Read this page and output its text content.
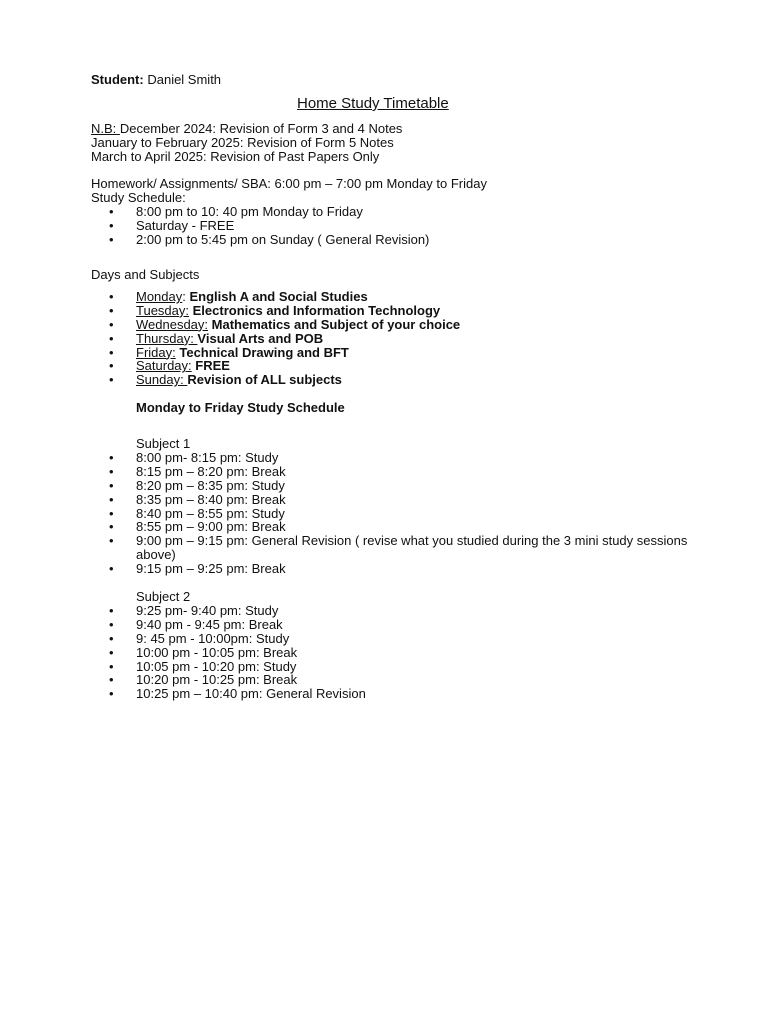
Student: Daniel Smith
Home Study Timetable
N.B: December 2024: Revision of Form 3 and 4 Notes
January to February 2025: Revision of Form 5 Notes
March to April 2025: Revision of Past Papers Only
Homework/ Assignments/ SBA: 6:00 pm – 7:00 pm Monday to Friday
Study Schedule:
• 8:00 pm to 10: 40 pm Monday to Friday
• Saturday - FREE
• 2:00 pm to 5:45 pm on Sunday ( General Revision)
Days and Subjects
• Monday: English A and Social Studies
• Tuesday: Electronics and Information Technology
• Wednesday: Mathematics and Subject of your choice
• Thursday: Visual Arts and POB
• Friday: Technical Drawing and BFT
• Saturday: FREE
• Sunday: Revision of ALL subjects
Monday to Friday Study Schedule
Subject 1
• 8:00 pm- 8:15 pm: Study
• 8:15 pm – 8:20 pm: Break
• 8:20 pm – 8:35 pm: Study
• 8:35 pm – 8:40 pm: Break
• 8:40 pm – 8:55 pm: Study
• 8:55 pm – 9:00 pm: Break
• 9:00 pm – 9:15 pm: General Revision ( revise what you studied during the 3 mini study sessions above)
• 9:15 pm – 9:25 pm: Break
Subject 2
• 9:25 pm- 9:40 pm: Study
• 9:40 pm - 9:45 pm: Break
• 9: 45 pm - 10:00pm: Study
• 10:00 pm - 10:05 pm: Break
• 10:05 pm - 10:20 pm: Study
• 10:20 pm - 10:25 pm: Break
• 10:25 pm – 10:40 pm: General Revision
